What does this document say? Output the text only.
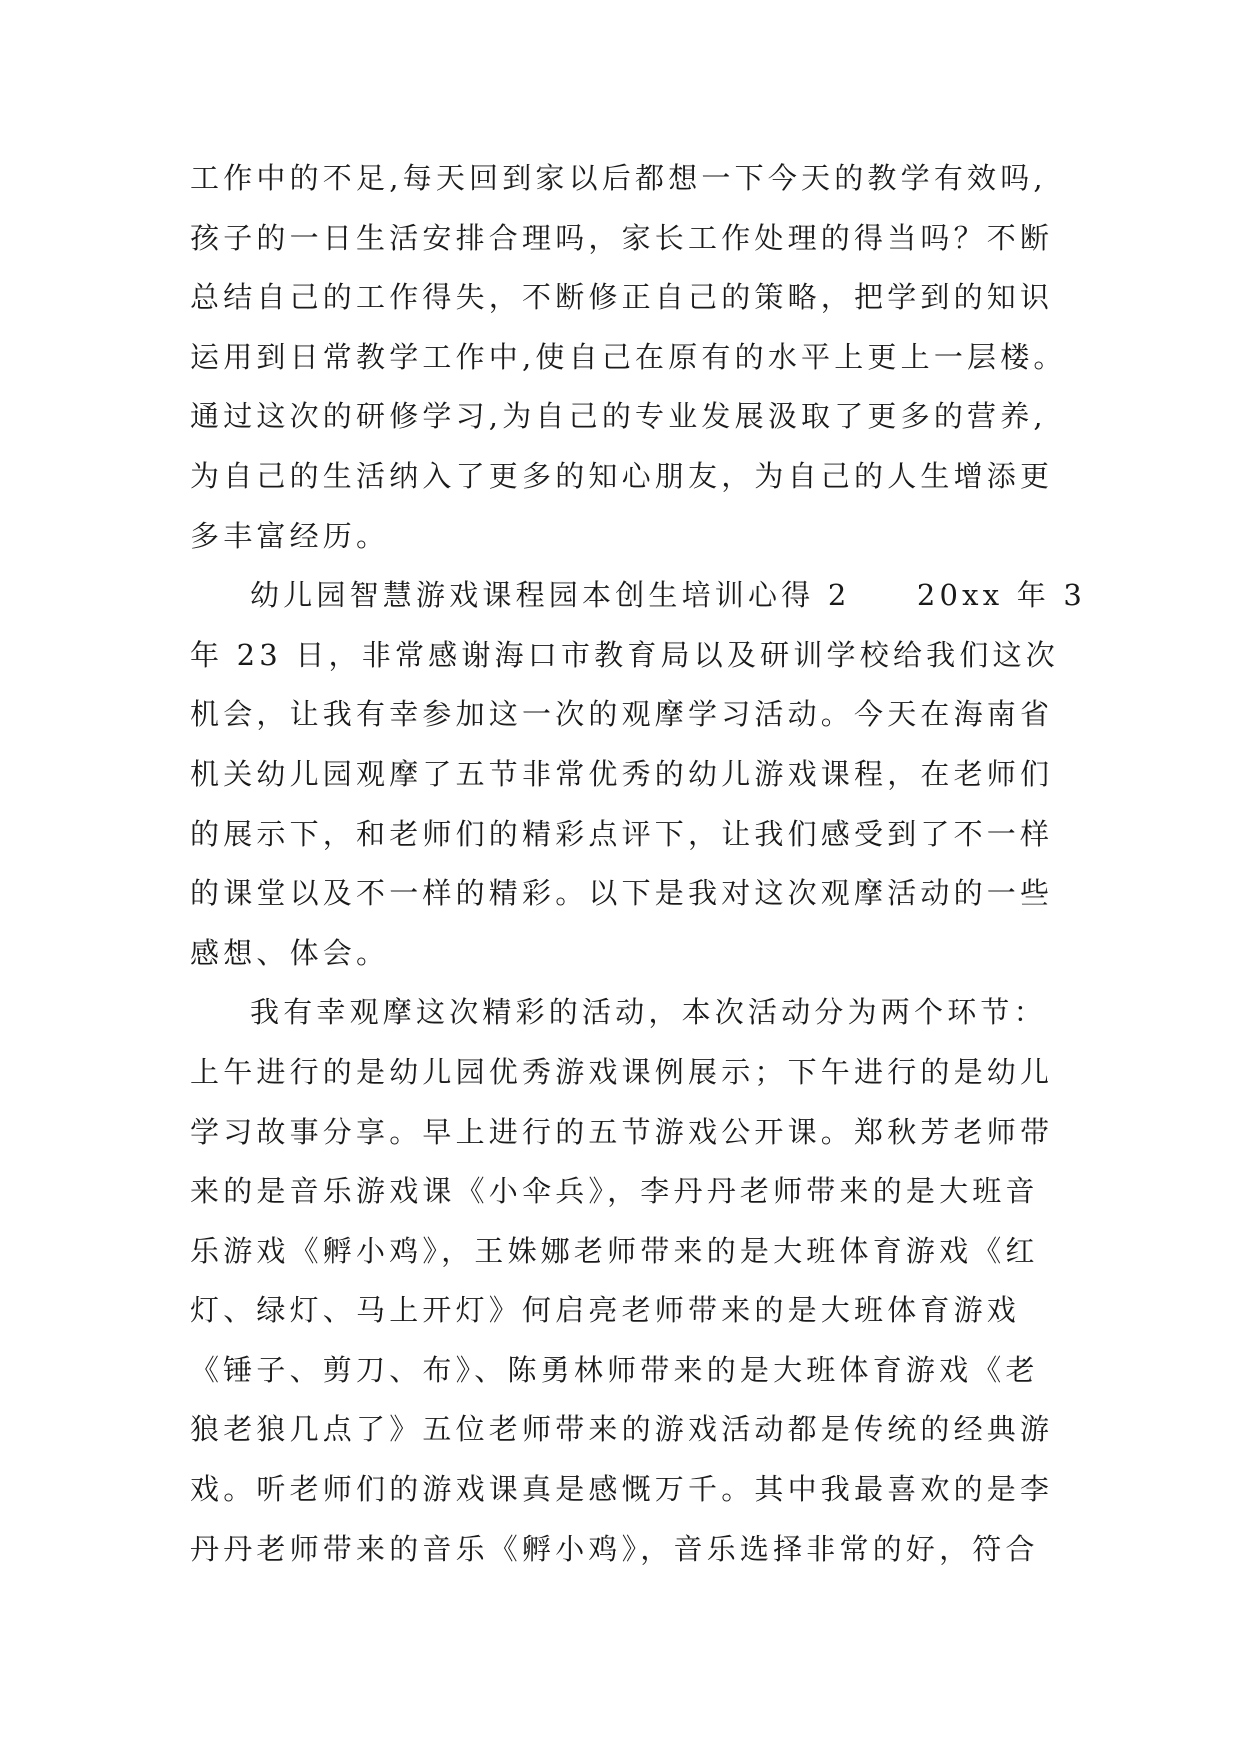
工作中的不足,每天回到家以后都想一下今天的教学有效吗,
孩子的一日生活安排合理吗，家长工作处理的得当吗？不断
总结自己的工作得失，不断修正自己的策略，把学到的知识
运用到日常教学工作中,使自己在原有的水平上更上一层楼。
通过这次的研修学习,为自己的专业发展汲取了更多的营养,
为自己的生活纳入了更多的知心朋友，为自己的人生增添更
多丰富经历。
幼儿园智慧游戏课程园本创生培训心得 2　　20xx 年 3
年 23 日，非常感谢海口市教育局以及研训学校给我们这次
机会，让我有幸参加这一次的观摩学习活动。今天在海南省
机关幼儿园观摩了五节非常优秀的幼儿游戏课程，在老师们
的展示下，和老师们的精彩点评下，让我们感受到了不一样
的课堂以及不一样的精彩。以下是我对这次观摩活动的一些
感想、体会。
我有幸观摩这次精彩的活动，本次活动分为两个环节：
上午进行的是幼儿园优秀游戏课例展示；下午进行的是幼儿
学习故事分享。早上进行的五节游戏公开课。郑秋芳老师带
来的是音乐游戏课《小伞兵》，李丹丹老师带来的是大班音
乐游戏《孵小鸡》，王姝娜老师带来的是大班体育游戏《红
灯、绿灯、马上开灯》何启亮老师带来的是大班体育游戏
《锤子、剪刀、布》、陈勇林师带来的是大班体育游戏《老
狼老狼几点了》五位老师带来的游戏活动都是传统的经典游
戏。听老师们的游戏课真是感慨万千。其中我最喜欢的是李
丹丹老师带来的音乐《孵小鸡》，音乐选择非常的好，符合
